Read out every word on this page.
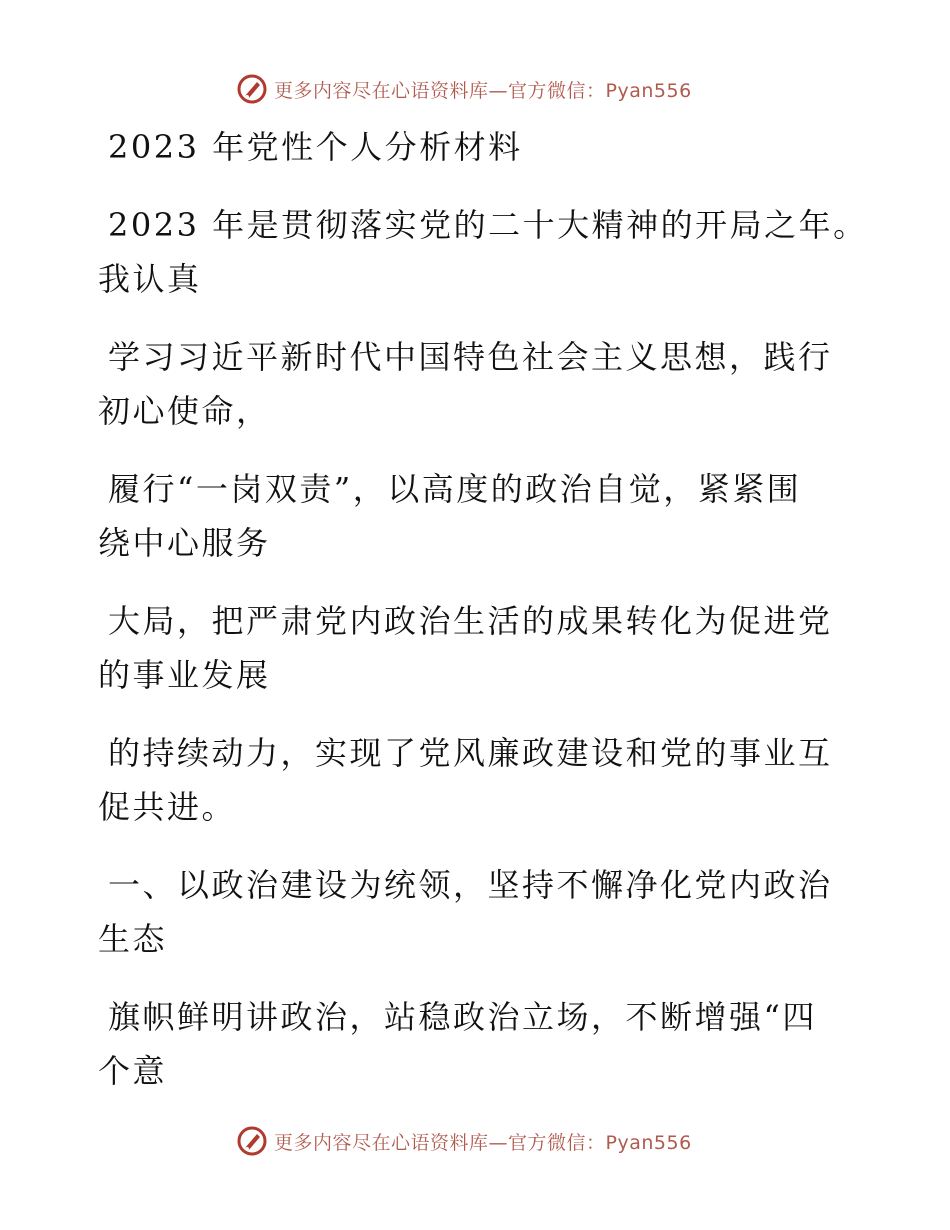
更多内容尽在心语资料库—官方微信：Pyan556

2023 年党性个人分析材料

2023 年是贯彻落实党的二十大精神的开局之年。

我认真

学习习近平新时代中国特色社会主义思想，践行

初心使命，

履行“一岗双责”，以高度的政治自觉，紧紧围

绕中心服务

大局，把严肃党内政治生活的成果转化为促进党

的事业发展

的持续动力，实现了党风廉政建设和党的事业互

促共进。

一、以政治建设为统领，坚持不懈净化党内政治

生态

旗帜鲜明讲政治，站稳政治立场，不断增强“四

个意

更多内容尽在心语资料库—官方微信：Pyan556
